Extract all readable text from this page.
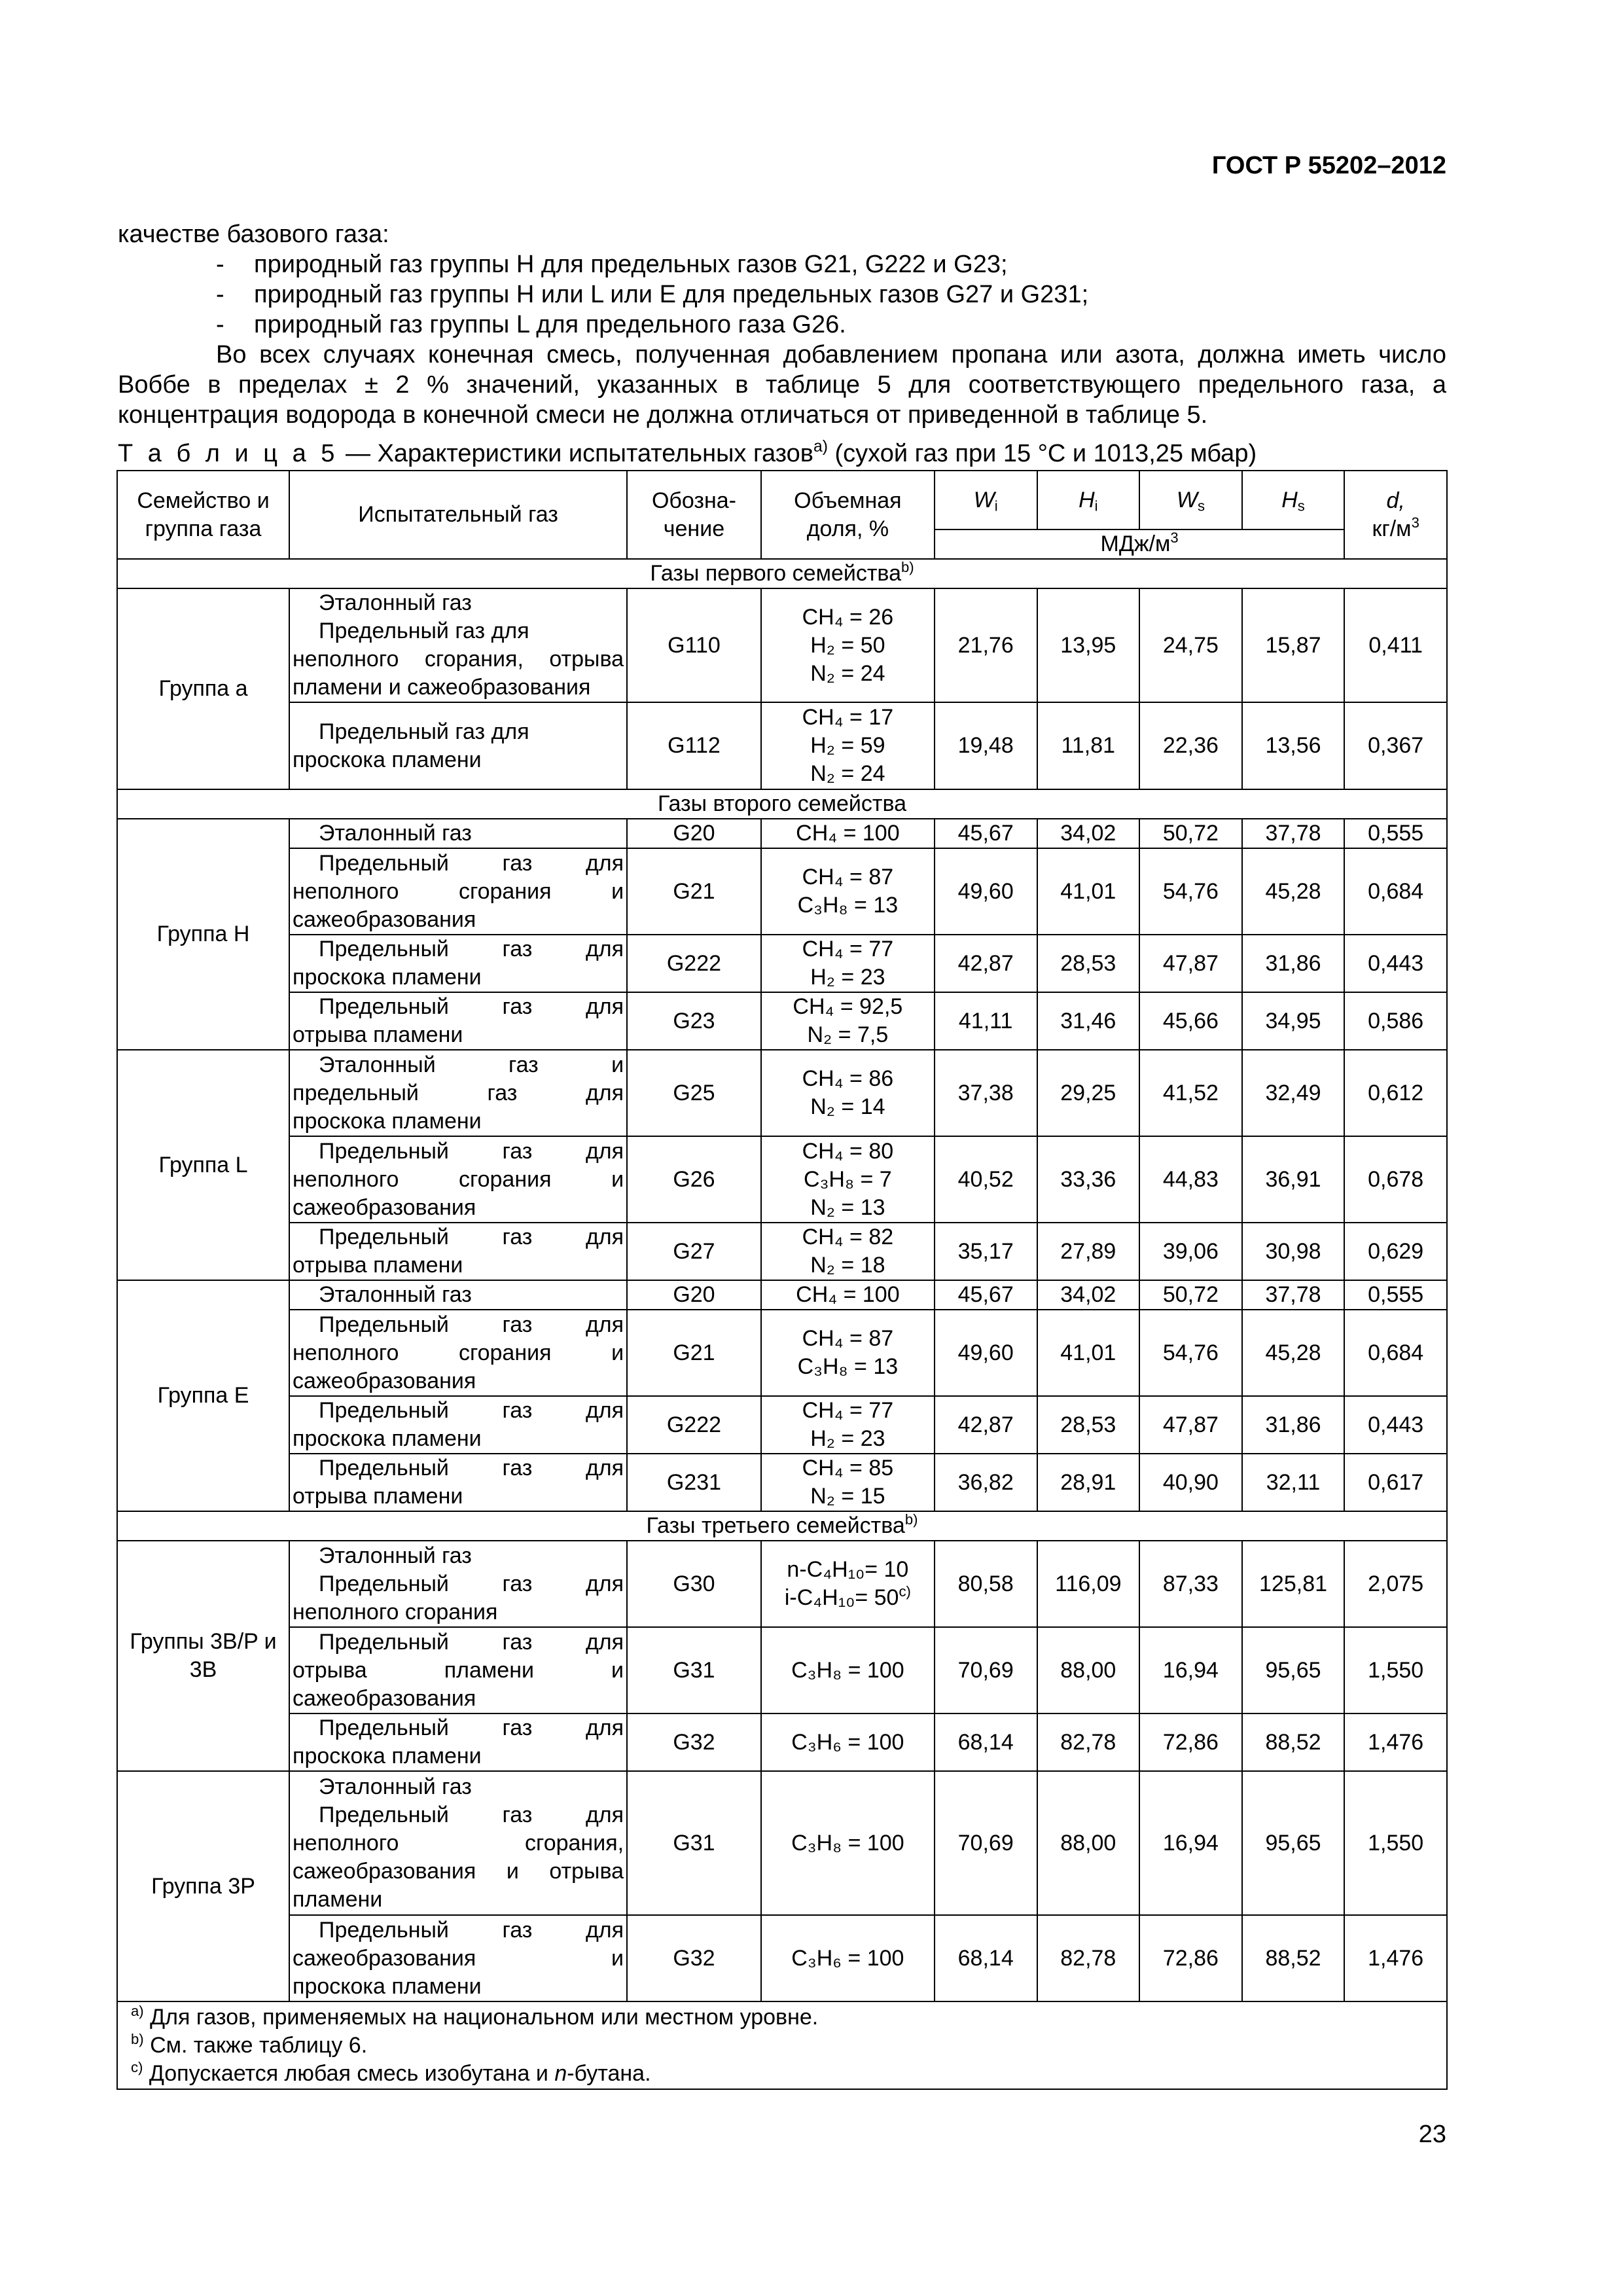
ГОСТ Р 55202–2012

качестве базового газа:

- природный газ группы H для предельных газов G21, G222 и G23;

- природный газ группы H или L или E для предельных газов G27 и G231;

- природный газ группы L для предельного газа G26.

Во всех случаях конечная смесь, полученная добавлением пропана или азота, должна иметь число Воббе в пределах ± 2 % значений, указанных в таблице 5 для соответствующего предельного газа, а концентрация водорода в конечной смеси не должна отличаться от приведенной в таблице 5.

Т а б л и ц а 5 — Характеристики испытательных газов$^{a)}$ (сухой газ при 15 °С и 1013,25 мбар)
Семейство и группа газа	Испытательный газ	Обозна- чение	Объемная доля, %	$W_i$	$H_i$	$W_s$	$H_s$	d,
$кг/м^3$
				МДж/$м^3$
Газы первого семейства$^{b)}$
Группа а	Эталонный газ
Предельный газ для
неполного сгорания, отрыва
пламени и сажеобразования	G110	CH₄ = 26
H₂ = 50
N₂ = 24	21,76	13,95	24,75	15,87	0,411

	Предельный газ для
проскока пламени	G112	CH₄ = 17
H₂ = 59
N₂ = 24	19,48	11,81	22,36	13,56	0,367
Газы второго семейства								
Группа H	Эталонный газ	G20	CH₄ = 100	45,67	34,02	50,72	37,78	0,555

	Предельный газ для
неполного сгорания и
сажеобразования	G21	CH₄ = 87
C₃H₈ = 13	49,60	41,01	54,76	45,28	0,684

	Предельный газ для
проскока пламени	G222	CH₄ = 77
H₂ = 23	42,87	28,53	47,87	31,86	0,443

	Предельный газ для
отрыва пламени	G23	CH₄ = 92,5
N₂ = 7,5	41,11	31,46	45,66	34,95	0,586
Группа L	Эталонный газ и
предельный газ для
проскока пламени	G25	CH₄ = 86
N₂ = 14	37,38	29,25	41,52	32,49	0,612

	Предельный газ для
неполного сгорания и
сажеобразования	G26	CH₄ = 80
C₃H₈ = 7
N₂ = 13	40,52	33,36	44,83	36,91	0,678

	Предельный газ для
отрыва пламени	G27	CH₄ = 82
N₂ = 18	35,17	27,89	39,06	30,98	0,629
Группа E	Эталонный газ	G20	CH₄ = 100	45,67	34,02	50,72	37,78	0,555

	Предельный газ для
неполного сгорания и
сажеобразования	G21	CH₄ = 87
C₃H₈ = 13	49,60	41,01	54,76	45,28	0,684

	Предельный газ для
проскока пламени	G222	CH₄ = 77
H₂ = 23	42,87	28,53	47,87	31,86	0,443

	Предельный газ для
отрыва пламени	G231	CH₄ = 85
N₂ = 15	36,82	28,91	40,90	32,11	0,617
Газы третьего семейства$^{b)}$
Группы 3B/P и 3B	Эталонный газ
Предельный газ для
неполного сгорания	G30	n-C₄H₁₀= 10
$i-C_4H_{10}= 50^{c)}$	80,58	116,09	87,33	125,81	2,075

	Предельный газ для
отрыва пламени и
сажеобразования	G31	C₃H₈ = 100	70,69	88,00	16,94	95,65	1,550

	Предельный газ для
проскока пламени	G32	C₃H₆ = 100	68,14	82,78	72,86	88,52	1,476
Группа 3P	Эталонный газ
Предельный газ для
неполного сгорания,
сажеобразования и отрыва
пламени	G31	C₃H₈ = 100	70,69	88,00	16,94	95,65	1,550

	Предельный газ для
сажеобразования и
проскока пламени	G32	C₃H₆ = 100	68,14	82,78	72,86	88,52	1,476

$^{a)}$ Для газов, применяемых на национальном или местном уровне.
$^{b)}$ См. также таблицу 6.
$^{c)}$ Допускается любая смесь изобутана и n-бутана.								
23
